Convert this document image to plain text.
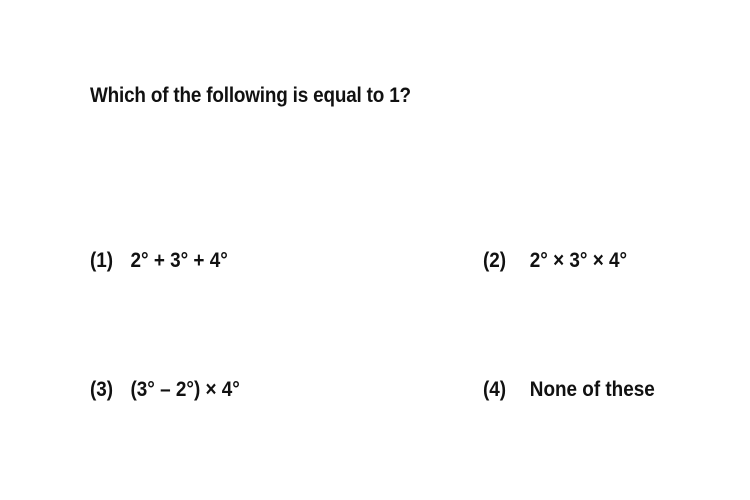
Which of the following is equal to 1?
(1) 2° + 3° + 4°	(2) 2° × 3° × 4°
(3) (3° – 2°) × 4°	(4) None of these
